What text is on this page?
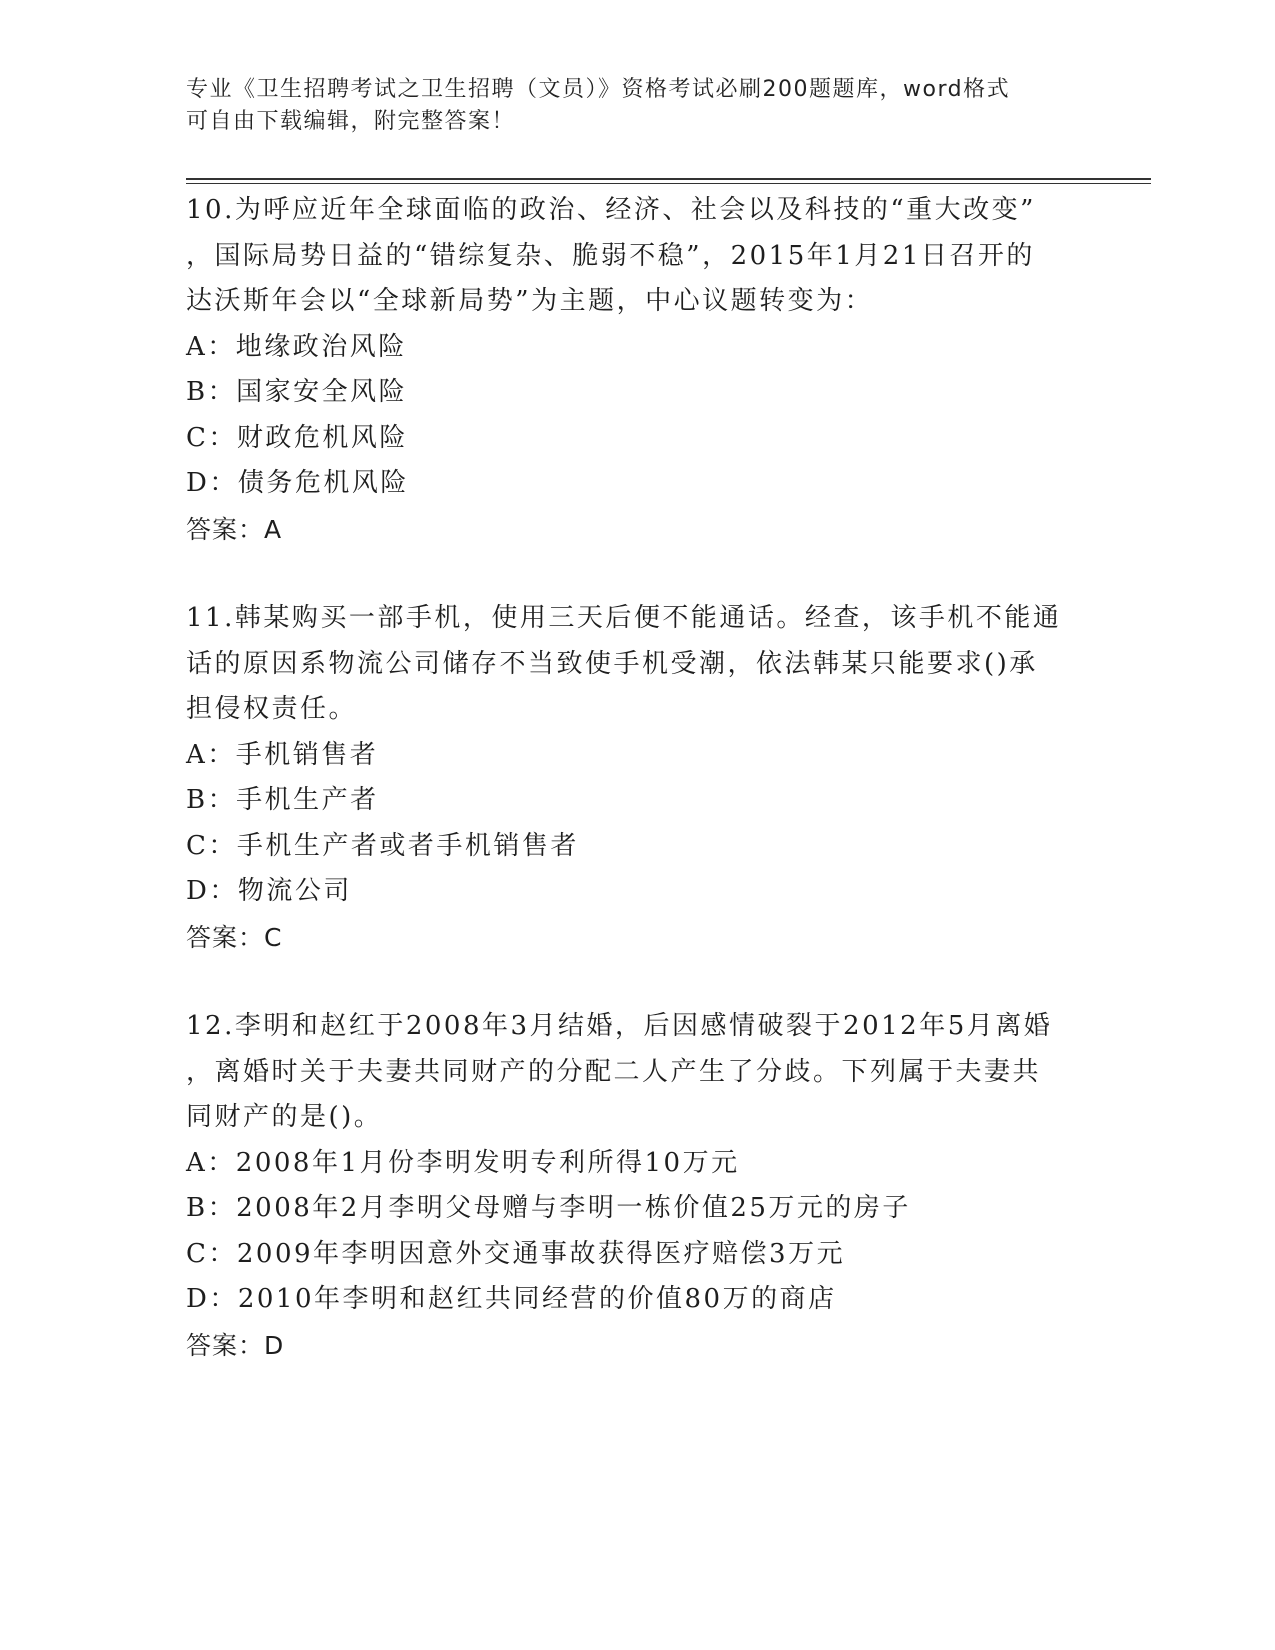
专业《卫生招聘考试之卫生招聘（文员）》资格考试必刷200题题库，word格式
可自由下载编辑，附完整答案！
10.为呼应近年全球面临的政治、经济、社会以及科技的“重大改变”
，国际局势日益的“错综复杂、脆弱不稳”，2015年1月21日召开的
达沃斯年会以“全球新局势”为主题，中心议题转变为：
A：地缘政治风险
B：国家安全风险
C：财政危机风险
D：债务危机风险
答案：A
11.韩某购买一部手机，使用三天后便不能通话。经查，该手机不能通
话的原因系物流公司储存不当致使手机受潮，依法韩某只能要求()承
担侵权责任。
A：手机销售者
B：手机生产者
C：手机生产者或者手机销售者
D：物流公司
答案：C
12.李明和赵红于2008年3月结婚，后因感情破裂于2012年5月离婚
，离婚时关于夫妻共同财产的分配二人产生了分歧。下列属于夫妻共
同财产的是()。
A：2008年1月份李明发明专利所得10万元
B：2008年2月李明父母赠与李明一栋价值25万元的房子
C：2009年李明因意外交通事故获得医疗赔偿3万元
D：2010年李明和赵红共同经营的价值80万的商店
答案：D
